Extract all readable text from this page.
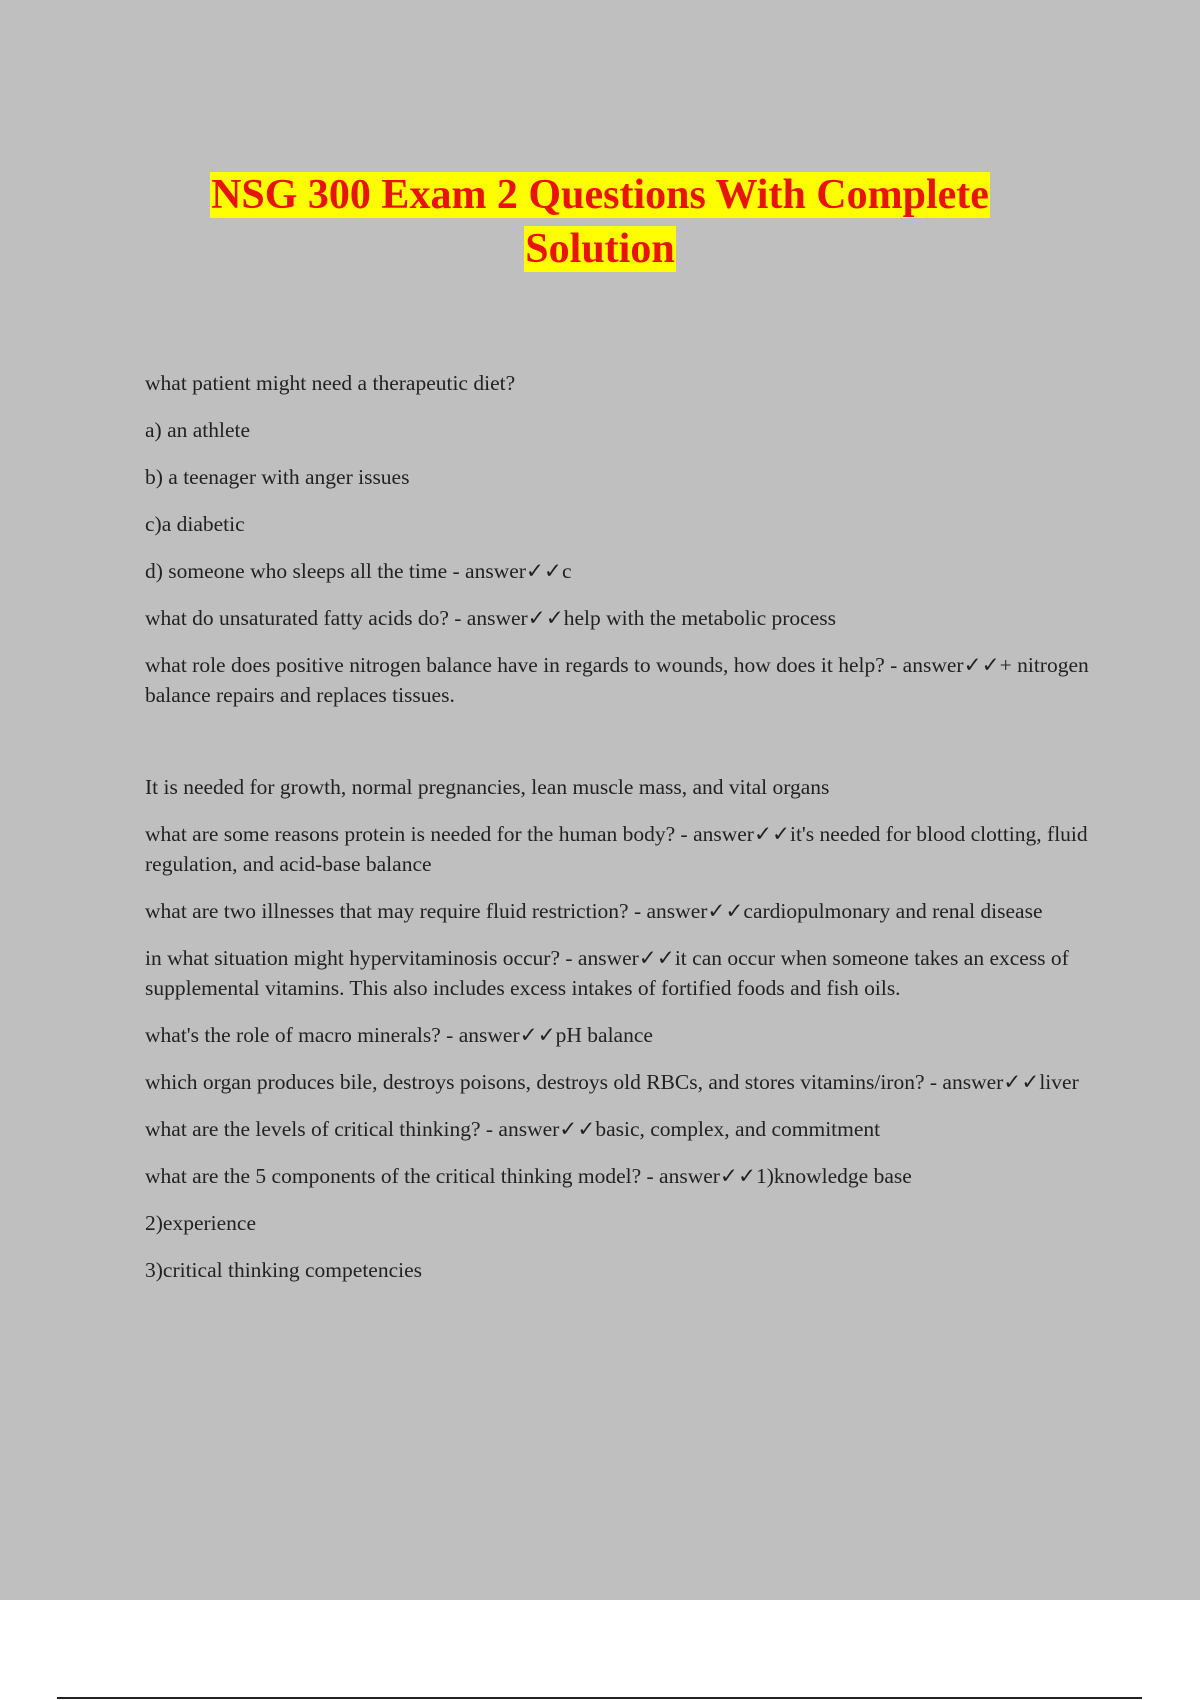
NSG 300 Exam 2 Questions With Complete
Solution

what patient might need a therapeutic diet?

a) an athlete

b) a teenager with anger issues

c)a diabetic

d) someone who sleeps all the time - answer✓✓c

what do unsaturated fatty acids do? - answer✓✓help with the metabolic process

what role does positive nitrogen balance have in regards to wounds, how does it help? - answer✓✓+ nitrogen balance repairs and replaces tissues.

It is needed for growth, normal pregnancies, lean muscle mass, and vital organs

what are some reasons protein is needed for the human body? - answer✓✓it's needed for blood clotting, fluid regulation, and acid-base balance

what are two illnesses that may require fluid restriction? - answer✓✓cardiopulmonary and renal disease

in what situation might hypervitaminosis occur? - answer✓✓it can occur when someone takes an excess of supplemental vitamins. This also includes excess intakes of fortified foods and fish oils.

what's the role of macro minerals? - answer✓✓pH balance

which organ produces bile, destroys poisons, destroys old RBCs, and stores vitamins/iron? - answer✓✓liver

what are the levels of critical thinking? - answer✓✓basic, complex, and commitment

what are the 5 components of the critical thinking model? - answer✓✓1)knowledge base

2)experience

3)critical thinking competencies
